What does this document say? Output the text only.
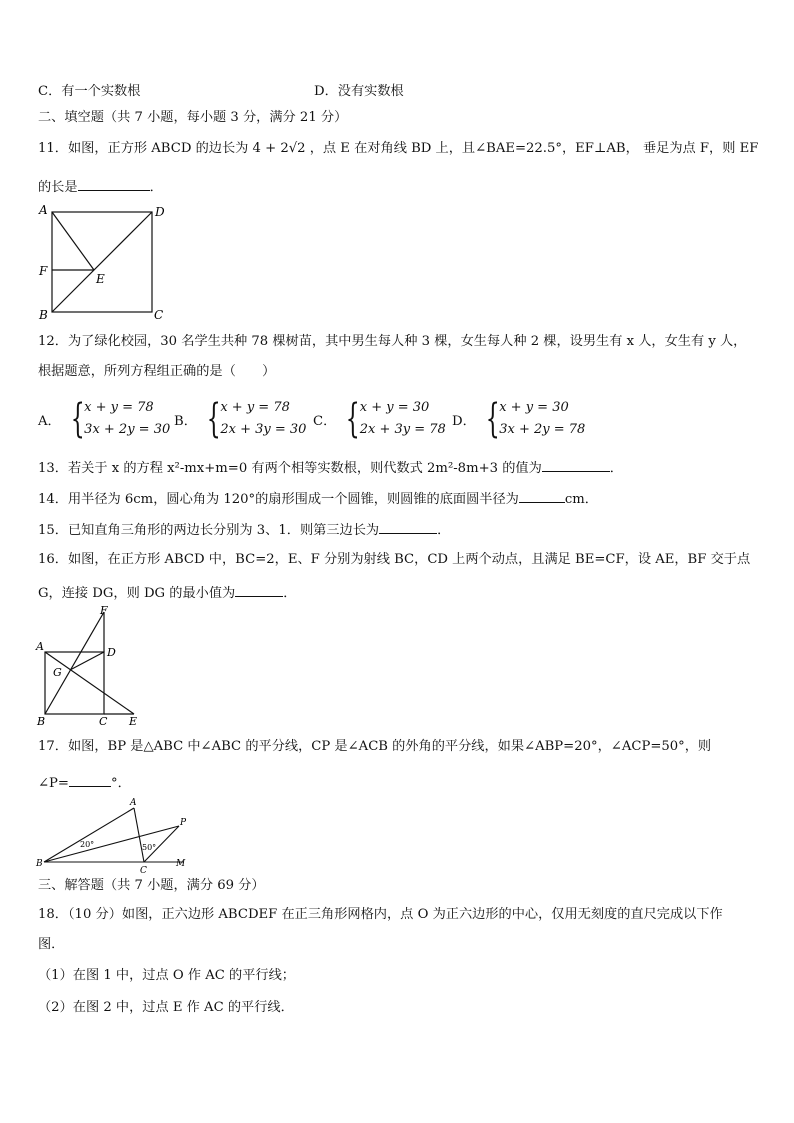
C．有一个实数根	D．没有实数根
二、填空题（共 7 小题，每小题 3 分，满分 21 分）
11．如图，正方形 ABCD 的边长为 4 + 2√2 ，点 E 在对角线 BD 上，且∠BAE=22.5°，EF⊥AB， 垂足为点 F，则 EF
的长是	．
A	D
F
E
B	C
12．为了绿化校园，30 名学生共种 78 棵树苗，其中男生每人种 3 棵，女生每人种 2 棵，设男生有 x 人，女生有 y 人，
根据题意，所列方程组正确的是（　　）
A． { x + y = 78
3x + 2y = 30
B． { x + y = 78
2x + 3y = 30
C． { x + y = 30
2x + 3y = 78
D． { x + y = 30
3x + 2y = 78
13．若关于 x 的方程 x²-mx+m=0 有两个相等实数根，则代数式 2m²-8m+3 的值为	．
14．用半径为 6cm，圆心角为 120°的扇形围成一个圆锥，则圆锥的底面圆半径为	cm．
15．已知直角三角形的两边长分别为 3、1．则第三边长为	．
16．如图，在正方形 ABCD 中，BC=2，E、F 分别为射线 BC，CD 上两个动点，且满足 BE=CF，设 AE，BF 交于点
G，连接 DG，则 DG 的最小值为	．
F
A	D
G
B	C E
17．如图，BP 是△ABC 中∠ABC 的平分线，CP 是∠ACB 的外角的平分线，如果∠ABP=20°，∠ACP=50°，则
∠P=	°．
A
P
B
C
M
20°	50°
三、解答题（共 7 小题，满分 69 分）
18．（10 分）如图，正六边形 ABCDEF 在正三角形网格内，点 O 为正六边形的中心，仅用无刻度的直尺完成以下作
图．
（1）在图 1 中，过点 O 作 AC 的平行线；
（2）在图 2 中，过点 E 作 AC 的平行线．
